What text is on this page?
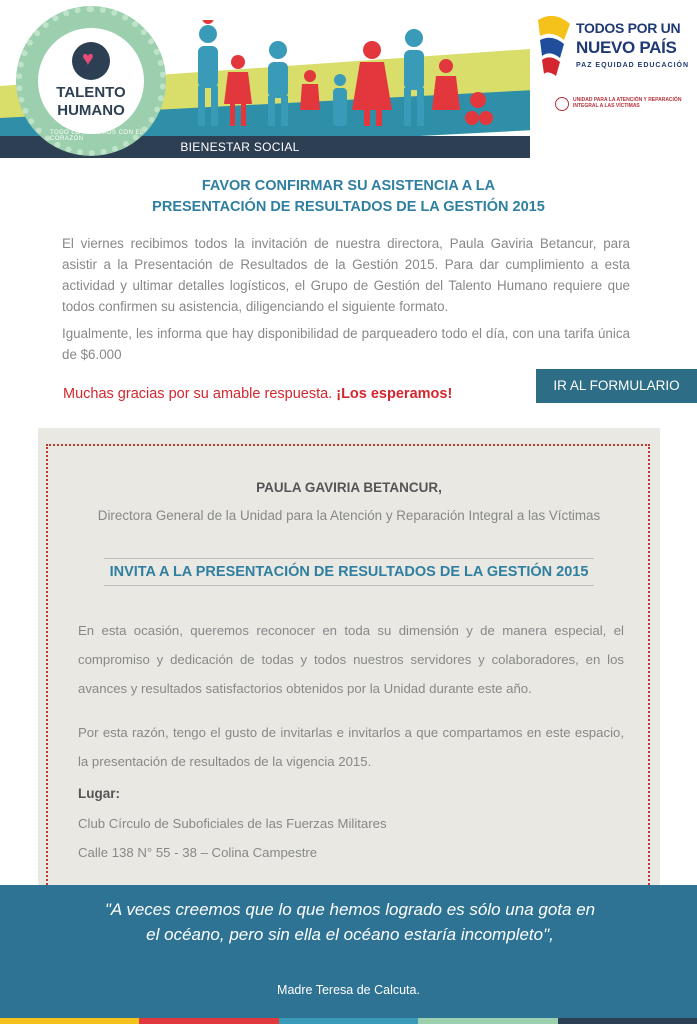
BIENESTAR SOCIAL
♥
TALENTO
HUMANO
TODO LO HACEMOS CON EL CORAZÓN
TODOS POR UN
NUEVO PAÍS
PAZ EQUIDAD EDUCACIÓN
UNIDAD PARA LA ATENCIÓN Y REPARACIÓN INTEGRAL A LAS VÍCTIMAS
FAVOR CONFIRMAR SU ASISTENCIA A LA
PRESENTACIÓN DE RESULTADOS DE LA GESTIÓN 2015

El viernes recibimos todos la invitación de nuestra directora, Paula Gaviria Betancur, para asistir a la Presentación de Resultados de la Gestión 2015. Para dar cumplimiento a esta actividad y ultimar detalles logísticos, el Grupo de Gestión del Talento Humano requiere que todos confirmen su asistencia, diligenciando el siguiente formato.

Igualmente, les informa que hay disponibilidad de parqueadero todo el día, con una tarifa única de $6.000

Muchas gracias por su amable respuesta. ¡Los esperamos!
IR AL FORMULARIO
PAULA GAVIRIA BETANCUR,
Directora General de la Unidad para la Atención y Reparación Integral a las Víctimas
INVITA A LA PRESENTACIÓN DE RESULTADOS DE LA GESTIÓN 2015

En esta ocasión, queremos reconocer en toda su dimensión y de manera especial, el compromiso y dedicación de todas y todos nuestros servidores y colaboradores, en los avances y resultados satisfactorios obtenidos por la Unidad durante este año.

Por esta razón, tengo el gusto de invitarlas e invitarlos a que compartamos en este espacio, la presentación de resultados de la vigencia 2015.

Lugar:
Club Círculo de Suboficiales de las Fuerzas Militares
Calle 138 N° 55 - 38 – Colina Campestre
"A veces creemos que lo que hemos logrado es sólo una gota en el océano, pero sin ella el océano estaría incompleto",
Madre Teresa de Calcuta.
